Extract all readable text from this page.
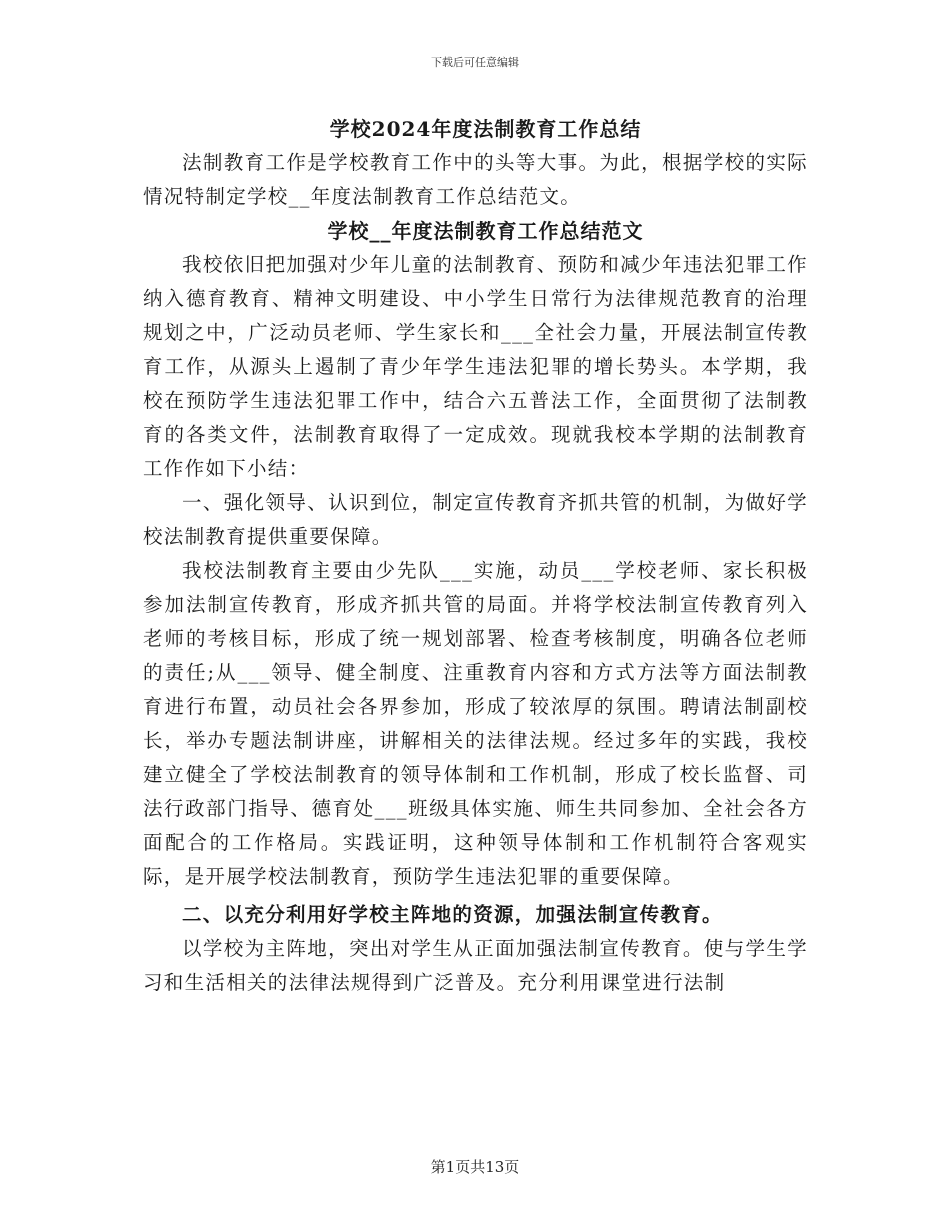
下载后可任意编辑
学校2024年度法制教育工作总结

法制教育工作是学校教育工作中的头等大事。为此，根据学校的实际情况特制定学校__年度法制教育工作总结范文。

学校__年度法制教育工作总结范文

我校依旧把加强对少年儿童的法制教育、预防和减少年违法犯罪工作纳入德育教育、精神文明建设、中小学生日常行为法律规范教育的治理规划之中，广泛动员老师、学生家长和___全社会力量，开展法制宣传教育工作，从源头上遏制了青少年学生违法犯罪的增长势头。本学期，我校在预防学生违法犯罪工作中，结合六五普法工作，全面贯彻了法制教育的各类文件，法制教育取得了一定成效。现就我校本学期的法制教育工作作如下小结：

一、强化领导、认识到位，制定宣传教育齐抓共管的机制，为做好学校法制教育提供重要保障。

我校法制教育主要由少先队___实施，动员___学校老师、家长积极参加法制宣传教育，形成齐抓共管的局面。并将学校法制宣传教育列入老师的考核目标，形成了统一规划部署、检查考核制度，明确各位老师的责任;从___领导、健全制度、注重教育内容和方式方法等方面法制教育进行布置，动员社会各界参加，形成了较浓厚的氛围。聘请法制副校长，举办专题法制讲座，讲解相关的法律法规。经过多年的实践，我校建立健全了学校法制教育的领导体制和工作机制，形成了校长监督、司法行政部门指导、德育处___班级具体实施、师生共同参加、全社会各方面配合的工作格局。实践证明，这种领导体制和工作机制符合客观实际，是开展学校法制教育，预防学生违法犯罪的重要保障。

二、以充分利用好学校主阵地的资源，加强法制宣传教育。

以学校为主阵地，突出对学生从正面加强法制宣传教育。使与学生学习和生活相关的法律法规得到广泛普及。充分利用课堂进行法制

第1页共13页
